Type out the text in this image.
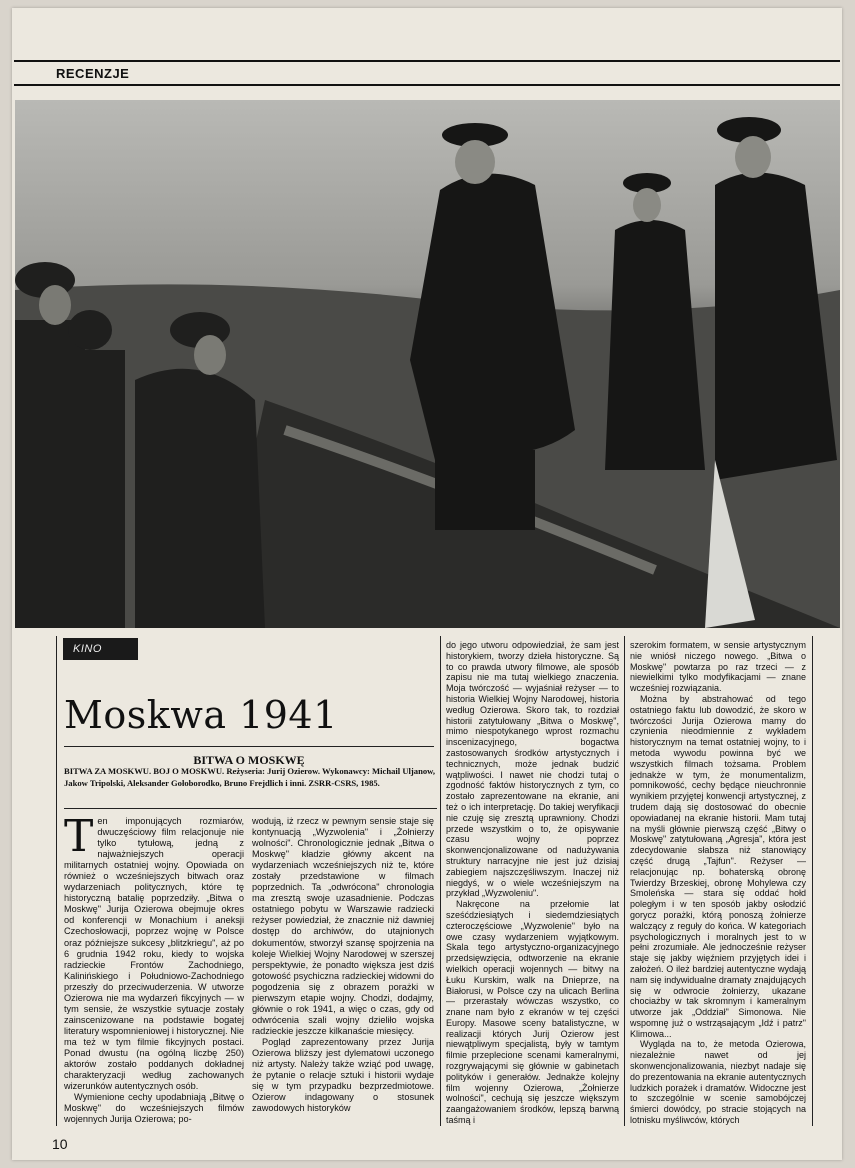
RECENZJE
KINO
Moskwa 1941
BITWA O MOSKWĘ
BITWA ZA MOSKWU. BOJ O MOSKWU. Reżyseria: Jurij Ozierow. Wykonawcy: Michail Uljanow, Jakow Tripolski, Aleksander Gołoborodko, Bruno Frejdlich i inni. ZSRR-CSRS, 1985.
T en imponujących rozmiarów, dwuczęściowy film relacjonuje nie tylko tytułową, jedną z najważniejszych operacji militarnych ostatniej wojny. Opowiada on również o wcześniejszych bitwach oraz wydarzeniach politycznych, które tę historyczną batalię poprzedziły. „Bitwa o Moskwę" Jurija Ozierowa obejmuje okres od konferencji w Monachium i aneksji Czechosłowacji, poprzez wojnę w Polsce oraz późniejsze sukcesy „blitzkriegu", aż po 6 grudnia 1942 roku, kiedy to wojska radzieckie Frontów Zachodniego, Kalinińskiego i Południowo-Zachodniego przeszły do przeciwuderzenia. W utworze Ozierowa nie ma wydarzeń fikcyjnych — w tym sensie, że wszystkie sytuacje zostały zainscenizowane na podstawie bogatej literatury wspomnieniowej i historycznej. Nie ma też w tym filmie fikcyjnych postaci. Ponad dwustu (na ogólną liczbę 250) aktorów zostało poddanych dokładnej charakteryzacji według zachowanych wizerunków autentycznych osób.

Wymienione cechy upodabniają „Bitwę o Moskwę" do wcześniejszych filmów wojennych Jurija Ozierowa; po-

wodują, iż rzecz w pewnym sensie staje się kontynuacją „Wyzwolenia" i „Żołnierzy wolności". Chronologicznie jednak „Bitwa o Moskwę" kładzie główny akcent na wydarzeniach wcześniejszych niż te, które zostały przedstawione w filmach poprzednich. Ta „odwrócona" chronologia ma zresztą swoje uzasadnienie. Podczas ostatniego pobytu w Warszawie radziecki reżyser powiedział, że znacznie niż dawniej dostęp do archiwów, do utajnionych dokumentów, stworzył szansę spojrzenia na koleje Wielkiej Wojny Narodowej w szerszej perspektywie, że ponadto większa jest dziś gotowość psychiczna radzieckiej widowni do pogodzenia się z obrazem porażki w pierwszym etapie wojny. Chodzi, dodajmy, głównie o rok 1941, a więc o czas, gdy od odwrócenia szali wojny dzieliło wojska radzieckie jeszcze kilkanaście miesięcy.

Pogląd zaprezentowany przez Jurija Ozierowa bliższy jest dylematowi uczonego niż artysty. Należy także wziąć pod uwagę, że pytanie o relacje sztuki i historii wydaje się w tym przypadku bezprzedmiotowe. Ozierow indagowany o stosunek zawodowych historyków

do jego utworu odpowiedział, że sam jest historykiem, tworzy dzieła historyczne. Są to co prawda utwory filmowe, ale sposób zapisu nie ma tutaj wielkiego znaczenia. Moja twórczość — wyjaśniał reżyser — to historia Wielkiej Wojny Narodowej, historia według Ozierowa. Skoro tak, to rozdział historii zatytułowany „Bitwa o Moskwę", mimo niespotykanego wprost rozmachu inscenizacyjnego, bogactwa zastosowanych środków artystycznych i technicznych, może jednak budzić wątpliwości. I nawet nie chodzi tutaj o zgodność faktów historycznych z tym, co zostało zaprezentowane na ekranie, ani też o ich interpretację. Do takiej weryfikacji nie czuję się zresztą uprawniony. Chodzi przede wszystkim o to, że opisywanie czasu wojny poprzez skonwencjonalizowane od nadużywania struktury narracyjne nie jest już dzisiaj zabiegiem najszczęśliwszym. Inaczej niż niegdyś, w o wiele wcześniejszym na przykład „Wyzwoleniu".

Nakręcone na przełomie lat sześćdziesiątych i siedemdziesiątych czteroczęściowe „Wyzwolenie" było na owe czasy wydarzeniem wyjątkowym. Skala tego artystyczno-organizacyjnego przedsięwzięcia, odtworzenie na ekranie wielkich operacji wojennych — bitwy na Łuku Kurskim, walk na Dnieprze, na Białorusi, w Polsce czy na ulicach Berlina — przerastały wówczas wszystko, co znane nam było z ekranów w tej części Europy. Masowe sceny batalistyczne, w realizacji których Jurij Ozierow jest niewątpliwym specjalistą, były w tamtym filmie przeplecione scenami kameralnymi, rozgrywającymi się głównie w gabinetach polityków i generałów. Jednakże kolejny film wojenny Ozierowa, „Żołnierze wolności", cechują się jeszcze większym zaangażowaniem środków, lepszą barwną taśmą i

szerokim formatem, w sensie artystycznym nie wniósł niczego nowego. „Bitwa o Moskwę" powtarza po raz trzeci — z niewielkimi tylko modyfikacjami — znane wcześniej rozwiązania.

Można by abstrahować od tego ostatniego faktu lub dowodzić, że skoro w twórczości Jurija Ozierowa mamy do czynienia nieodmiennie z wykładem historycznym na temat ostatniej wojny, to i metoda wywodu powinna być we wszystkich filmach tożsama. Problem jednakże w tym, że monumentalizm, pomnikowość, cechy będące nieuchronnie wynikiem przyjętej konwencji artystycznej, z trudem dają się dostosować do obecnie opowiadanej na ekranie historii. Mam tutaj na myśli głównie pierwszą część „Bitwy o Moskwę" zatytułowaną „Agresja", która jest zdecydowanie słabsza niż stanowiący część drugą „Tajfun". Reżyser — relacjonując np. bohaterską obronę Twierdzy Brzeskiej, obronę Mohylewa czy Smoleńska — stara się oddać hołd poległym i w ten sposób jakby osłodzić gorycz porażki, którą ponoszą żołnierze walczący z reguły do końca. W kategoriach psychologicznych i moralnych jest to w pełni zrozumiałe. Ale jednocześnie reżyser staje się jakby więźniem przyjętych idei i założeń. O ileż bardziej autentyczne wydają nam się indywidualne dramaty znajdujących się w odwrocie żołnierzy, ukazane chociażby w tak skromnym i kameralnym utworze jak „Oddział" Simonowa. Nie wspomnę już o wstrząsającym „Idź i patrz" Klimowa...

Wygląda na to, że metoda Ozierowa, niezależnie nawet od jej skonwencjonalizowania, niezbyt nadaje się do prezentowania na ekranie autentycznych ludzkich porażek i dramatów. Widoczne jest to szczególnie w scenie samobójczej śmierci dowódcy, po stracie stojących na lotnisku myśliwców, których

10
